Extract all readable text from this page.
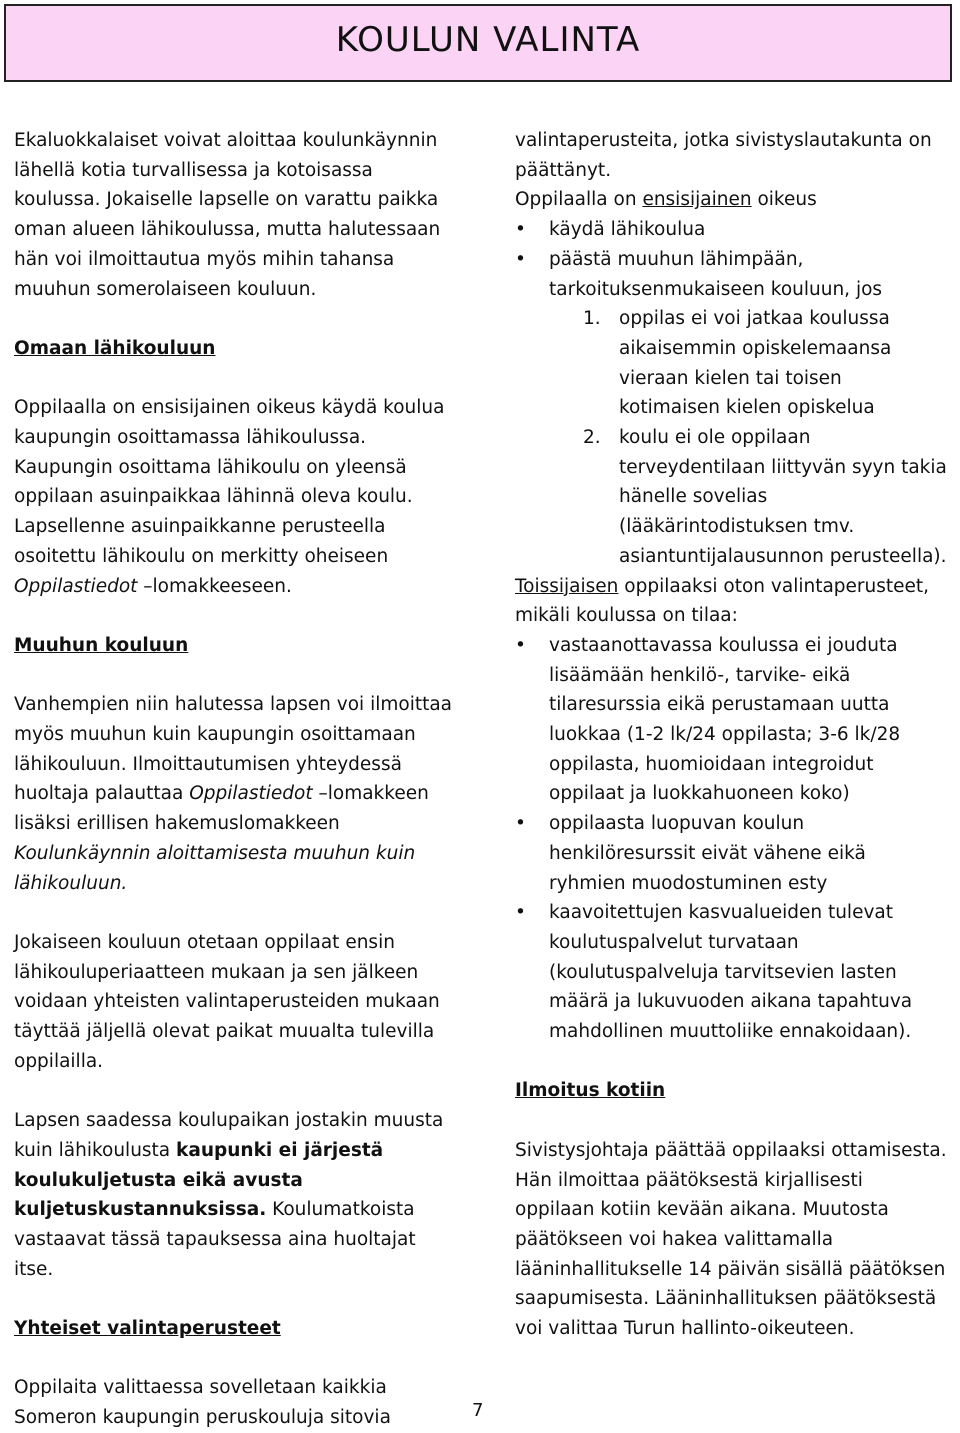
KOULUN VALINTA

Ekaluokkalaiset voivat aloittaa koulunkäynnin lähellä kotia turvallisessa ja kotoisassa koulussa. Jokaiselle lapselle on varattu paikka oman alueen lähikoulussa, mutta halutessaan hän voi ilmoittautua myös mihin tahansa muuhun somerolaiseen kouluun.

Omaan lähikouluun

Oppilaalla on ensisijainen oikeus käydä koulua kaupungin osoittamassa lähikoulussa. Kaupungin osoittama lähikoulu on yleensä oppilaan asuinpaikkaa lähinnä oleva koulu. Lapsellenne asuinpaikkanne perusteella osoitettu lähikoulu on merkitty oheiseen Oppilastiedot –lomakkeeseen.

Muuhun kouluun

Vanhempien niin halutessa lapsen voi ilmoittaa myös muuhun kuin kaupungin osoittamaan lähikouluun. Ilmoittautumisen yhteydessä huoltaja palauttaa Oppilastiedot –lomakkeen lisäksi erillisen hakemuslomakkeen Koulunkäynnin aloittamisesta muuhun kuin lähikouluun.

Jokaiseen kouluun otetaan oppilaat ensin lähikouluperiaatteen mukaan ja sen jälkeen voidaan yhteisten valintaperusteiden mukaan täyttää jäljellä olevat paikat muualta tulevilla oppilailla.

Lapsen saadessa koulupaikan jostakin muusta kuin lähikoulusta kaupunki ei järjestä koulukuljetusta eikä avusta kuljetuskustannuksissa. Koulumatkoista vastaavat tässä tapauksessa aina huoltajat itse.

Yhteiset valintaperusteet

Oppilaita valittaessa sovelletaan kaikkia Someron kaupungin peruskouluja sitovia

valintaperusteita, jotka sivistyslautakunta on päättänyt.

Oppilaalla on ensisijainen oikeus

• käydä lähikoulua
• päästä muuhun lähimpään, tarkoituksenmukaiseen kouluun, jos
1. oppilas ei voi jatkaa koulussa aikaisemmin opiskelemaansa vieraan kielen tai toisen kotimaisen kielen opiskelua
2. koulu ei ole oppilaan terveydentilaan liittyvän syyn takia hänelle sovelias (lääkärintodistuksen tmv. asiantuntijalausunnon perusteella).

Toissijaisen oppilaaksi oton valintaperusteet, mikäli koulussa on tilaa:

• vastaanottavassa koulussa ei jouduta lisäämään henkilö-, tarvike- eikä tilaresurssia eikä perustamaan uutta luokkaa (1-2 lk/24 oppilasta; 3-6 lk/28 oppilasta, huomioidaan integroidut oppilaat ja luokkahuoneen koko)
• oppilaasta luopuvan koulun henkilöresurssit eivät vähene eikä ryhmien muodostuminen esty
• kaavoitettujen kasvualueiden tulevat koulutuspalvelut turvataan (koulutuspalveluja tarvitsevien lasten määrä ja lukuvuoden aikana tapahtuva mahdollinen muuttoliike ennakoidaan).

Ilmoitus kotiin

Sivistysjohtaja päättää oppilaaksi ottamisesta. Hän ilmoittaa päätöksestä kirjallisesti oppilaan kotiin kevään aikana. Muutosta päätökseen voi hakea valittamalla lääninhallitukselle 14 päivän sisällä päätöksen saapumisesta. Lääninhallituksen päätöksestä voi valittaa Turun hallinto-oikeuteen.

7
